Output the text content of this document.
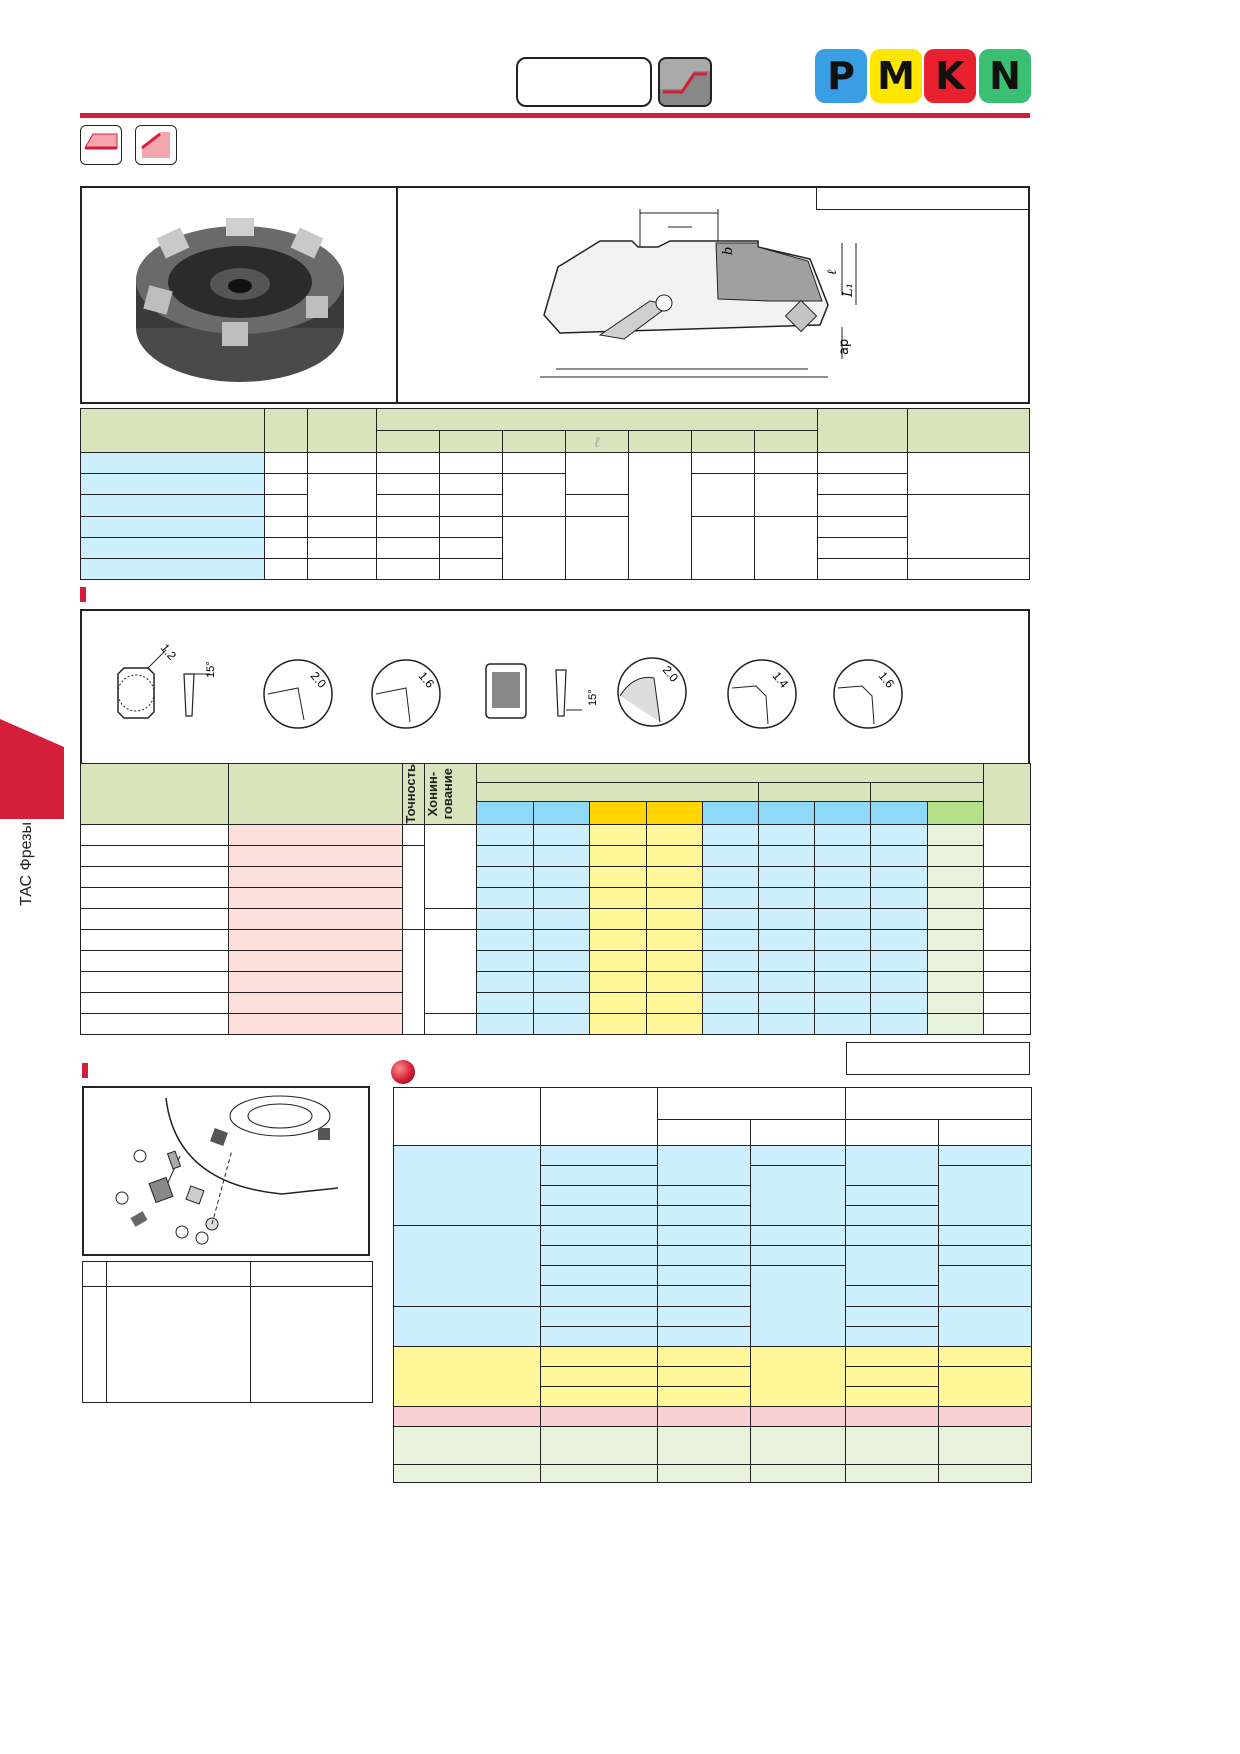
P M K N
b
ℓ
L₁
ap

						ℓ					

1.2
15°	2.0	1.6
15°
2.0	1.4	1.6

		Точность	Хонин-
гование										

ТАС Фрезы
